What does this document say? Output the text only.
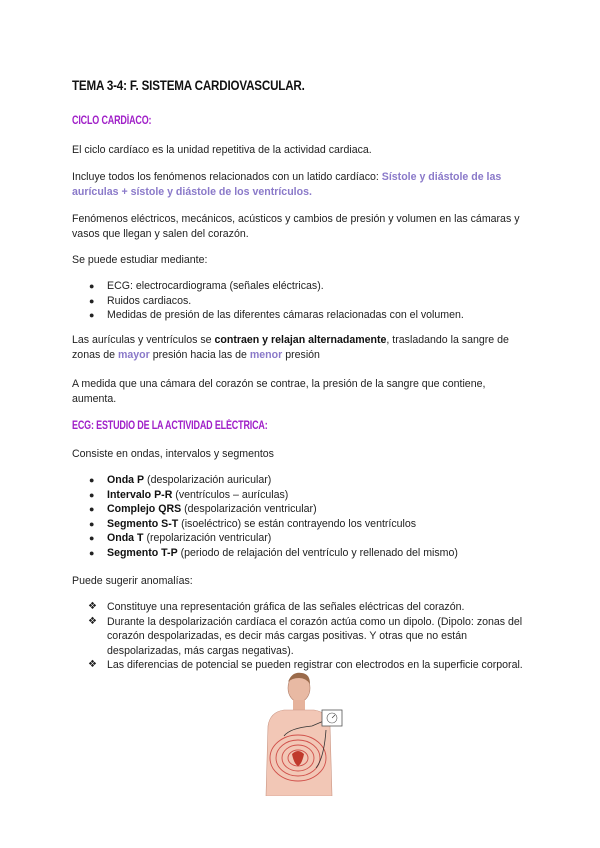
TEMA 3-4: F. SISTEMA CARDIOVASCULAR.
CICLO CARDÍACO:
El ciclo cardíaco es la unidad repetitiva de la actividad cardiaca.
Incluye todos los fenómenos relacionados con un latido cardíaco: Sístole y diástole de las aurículas + sístole y diástole de los ventrículos.
Fenómenos eléctricos, mecánicos, acústicos y cambios de presión y volumen en las cámaras y vasos que llegan y salen del corazón.
Se puede estudiar mediante:
● ECG: electrocardiograma (señales eléctricas).
● Ruidos cardiacos.
● Medidas de presión de las diferentes cámaras relacionadas con el volumen.
Las aurículas y ventrículos se contraen y relajan alternadamente, trasladando la sangre de zonas de mayor presión hacia las de menor presión
A medida que una cámara del corazón se contrae, la presión de la sangre que contiene, aumenta.
ECG: ESTUDIO DE LA ACTIVIDAD ELÉCTRICA:
Consiste en ondas, intervalos y segmentos
● Onda P (despolarización auricular)
● Intervalo P-R (ventrículos – aurículas)
● Complejo QRS (despolarización ventricular)
● Segmento S-T (isoeléctrico) se están contrayendo los ventrículos
● Onda T (repolarización ventricular)
● Segmento T-P (periodo de relajación del ventrículo y rellenado del mismo)
Puede sugerir anomalías:
❖ Constituye una representación gráfica de las señales eléctricas del corazón.
❖ Durante la despolarización cardíaca el corazón actúa como un dipolo. (Dipolo: zonas del corazón despolarizadas, es decir más cargas positivas. Y otras que no están despolarizadas, más cargas negativas).
❖ Las diferencias de potencial se pueden registrar con electrodos en la superficie corporal.
